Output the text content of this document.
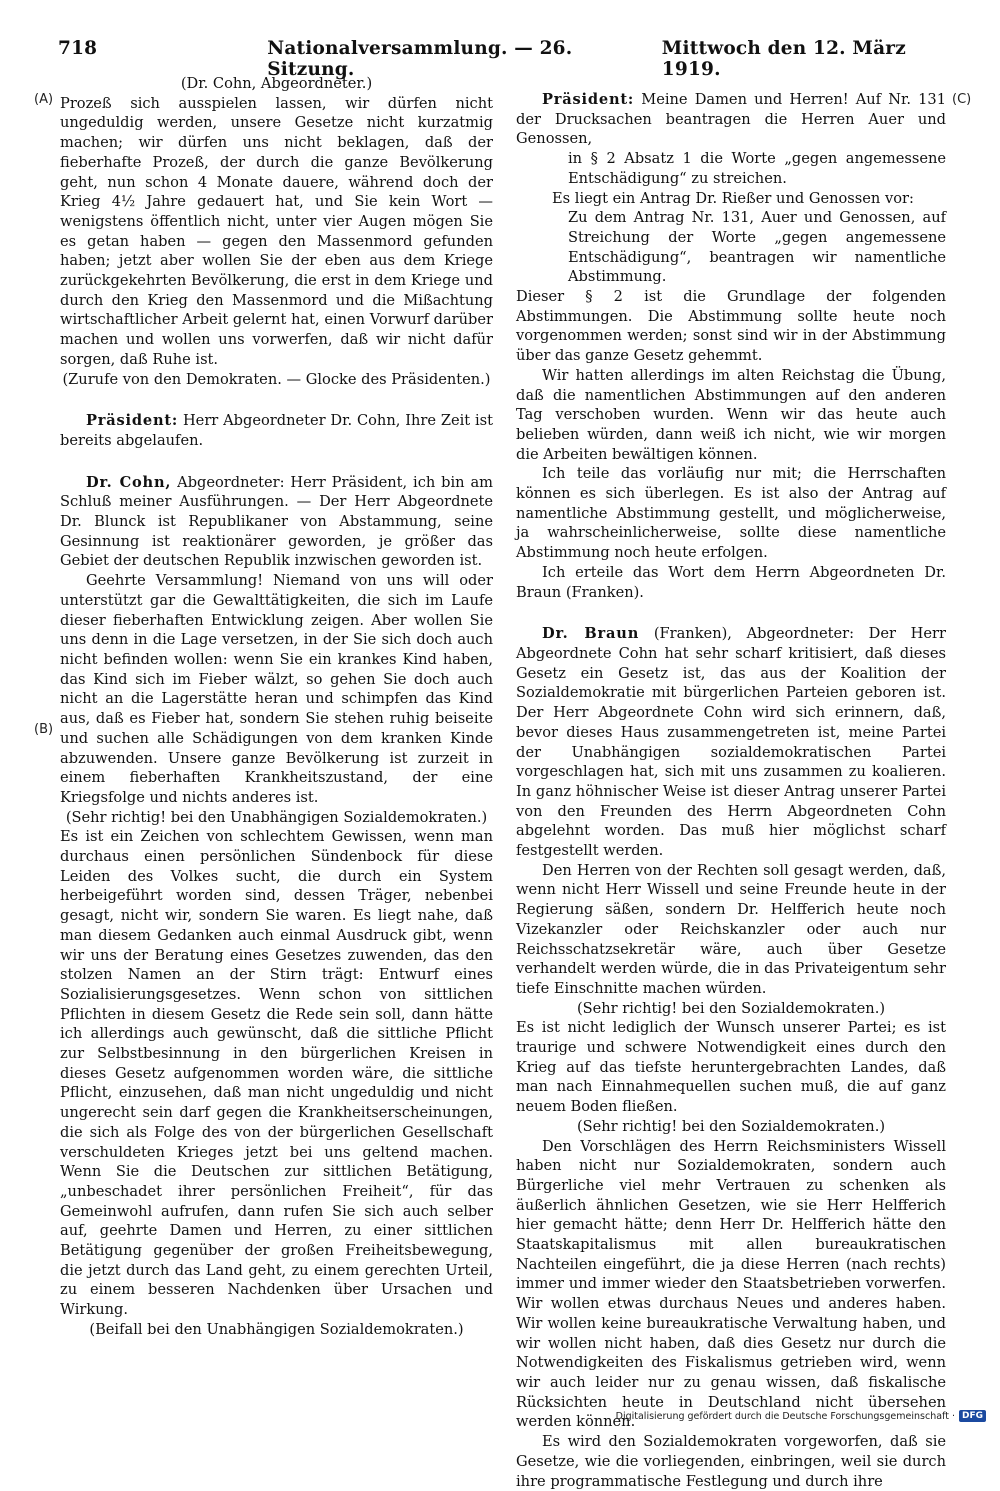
718	Nationalversammlung. — 26. Sitzung.
Mittwoch den 12. März 1919.
(A)
(B)
(C)

(Dr. Cohn, Abgeordneter.)

Prozeß sich ausspielen lassen, wir dürfen nicht ungeduldig werden, unsere Gesetze nicht kurzatmig machen; wir dürfen uns nicht beklagen, daß der fieberhafte Prozeß, der durch die ganze Bevölkerung geht, nun schon 4 Monate dauere, während doch der Krieg 4½ Jahre gedauert hat, und Sie kein Wort — wenigstens öffentlich nicht, unter vier Augen mögen Sie es getan haben — gegen den Massenmord gefunden haben; jetzt aber wollen Sie der eben aus dem Kriege zurückgekehrten Bevölkerung, die erst in dem Kriege und durch den Krieg den Massenmord und die Mißachtung wirtschaftlicher Arbeit gelernt hat, einen Vorwurf darüber machen und wollen uns vorwerfen, daß wir nicht dafür sorgen, daß Ruhe ist.

(Zurufe von den Demokraten. — Glocke des Präsidenten.)

Präsident: Herr Abgeordneter Dr. Cohn, Ihre Zeit ist bereits abgelaufen.

Dr. Cohn, Abgeordneter: Herr Präsident, ich bin am Schluß meiner Ausführungen. — Der Herr Abgeordnete Dr. Blunck ist Republikaner von Abstammung, seine Gesinnung ist reaktionärer geworden, je größer das Gebiet der deutschen Republik inzwischen geworden ist.

Geehrte Versammlung! Niemand von uns will oder unterstützt gar die Gewalttätigkeiten, die sich im Laufe dieser fieberhaften Entwicklung zeigen. Aber wollen Sie uns denn in die Lage versetzen, in der Sie sich doch auch nicht befinden wollen: wenn Sie ein krankes Kind haben, das Kind sich im Fieber wälzt, so gehen Sie doch auch nicht an die Lagerstätte heran und schimpfen das Kind aus, daß es Fieber hat, sondern Sie stehen ruhig beiseite und suchen alle Schädigungen von dem kranken Kinde abzuwenden. Unsere ganze Bevölkerung ist zurzeit in einem fieberhaften Krankheitszustand, der eine Kriegsfolge und nichts anderes ist.

(Sehr richtig! bei den Unabhängigen Sozialdemokraten.)

Es ist ein Zeichen von schlechtem Gewissen, wenn man durchaus einen persönlichen Sündenbock für diese Leiden des Volkes sucht, die durch ein System herbeigeführt worden sind, dessen Träger, nebenbei gesagt, nicht wir, sondern Sie waren. Es liegt nahe, daß man diesem Gedanken auch einmal Ausdruck gibt, wenn wir uns der Beratung eines Gesetzes zuwenden, das den stolzen Namen an der Stirn trägt: Entwurf eines Sozialisierungsgesetzes. Wenn schon von sittlichen Pflichten in diesem Gesetz die Rede sein soll, dann hätte ich allerdings auch gewünscht, daß die sittliche Pflicht zur Selbstbesinnung in den bürgerlichen Kreisen in dieses Gesetz aufgenommen worden wäre, die sittliche Pflicht, einzusehen, daß man nicht ungeduldig und nicht ungerecht sein darf gegen die Krankheitserscheinungen, die sich als Folge des von der bürgerlichen Gesellschaft verschuldeten Krieges jetzt bei uns geltend machen. Wenn Sie die Deutschen zur sittlichen Betätigung, „unbeschadet ihrer persönlichen Freiheit“, für das Gemeinwohl aufrufen, dann rufen Sie sich auch selber auf, geehrte Damen und Herren, zu einer sittlichen Betätigung gegenüber der großen Freiheitsbewegung, die jetzt durch das Land geht, zu einem gerechten Urteil, zu einem besseren Nachdenken über Ursachen und Wirkung.

(Beifall bei den Unabhängigen Sozialdemokraten.)

Präsident: Meine Damen und Herren! Auf Nr. 131 der Drucksachen beantragen die Herren Auer und Genossen,

in § 2 Absatz 1 die Worte „gegen angemessene Entschädigung“ zu streichen.

Es liegt ein Antrag Dr. Rießer und Genossen vor:

Zu dem Antrag Nr. 131, Auer und Genossen, auf Streichung der Worte „gegen angemessene Entschädigung“, beantragen wir namentliche Abstimmung.

Dieser § 2 ist die Grundlage der folgenden Abstimmungen. Die Abstimmung sollte heute noch vorgenommen werden; sonst sind wir in der Abstimmung über das ganze Gesetz gehemmt.

Wir hatten allerdings im alten Reichstag die Übung, daß die namentlichen Abstimmungen auf den anderen Tag verschoben wurden. Wenn wir das heute auch belieben würden, dann weiß ich nicht, wie wir morgen die Arbeiten bewältigen können.

Ich teile das vorläufig nur mit; die Herrschaften können es sich überlegen. Es ist also der Antrag auf namentliche Abstimmung gestellt, und möglicherweise, ja wahrscheinlicherweise, sollte diese namentliche Abstimmung noch heute erfolgen.

Ich erteile das Wort dem Herrn Abgeordneten Dr. Braun (Franken).

Dr. Braun (Franken), Abgeordneter: Der Herr Abgeordnete Cohn hat sehr scharf kritisiert, daß dieses Gesetz ein Gesetz ist, das aus der Koalition der Sozialdemokratie mit bürgerlichen Parteien geboren ist. Der Herr Abgeordnete Cohn wird sich erinnern, daß, bevor dieses Haus zusammengetreten ist, meine Partei der Unabhängigen sozialdemokratischen Partei vorgeschlagen hat, sich mit uns zusammen zu koalieren. In ganz höhnischer Weise ist dieser Antrag unserer Partei von den Freunden des Herrn Abgeordneten Cohn abgelehnt worden. Das muß hier möglichst scharf festgestellt werden.

Den Herren von der Rechten soll gesagt werden, daß, wenn nicht Herr Wissell und seine Freunde heute in der Regierung säßen, sondern Dr. Helfferich heute noch Vizekanzler oder Reichskanzler oder auch nur Reichsschatzsekretär wäre, auch über Gesetze verhandelt werden würde, die in das Privateigentum sehr tiefe Einschnitte machen würden.

(Sehr richtig! bei den Sozialdemokraten.)

Es ist nicht lediglich der Wunsch unserer Partei; es ist traurige und schwere Notwendigkeit eines durch den Krieg auf das tiefste heruntergebrachten Landes, daß man nach Einnahmequellen suchen muß, die auf ganz neuem Boden fließen.

(Sehr richtig! bei den Sozialdemokraten.)

Den Vorschlägen des Herrn Reichsministers Wissell haben nicht nur Sozialdemokraten, sondern auch Bürgerliche viel mehr Vertrauen zu schenken als äußerlich ähnlichen Gesetzen, wie sie Herr Helfferich hier gemacht hätte; denn Herr Dr. Helfferich hätte den Staatskapitalismus mit allen bureaukratischen Nachteilen eingeführt, die ja diese Herren (nach rechts) immer und immer wieder den Staatsbetrieben vorwerfen. Wir wollen etwas durchaus Neues und anderes haben. Wir wollen keine bureaukratische Verwaltung haben, und wir wollen nicht haben, daß dies Gesetz nur durch die Notwendigkeiten des Fiskalismus getrieben wird, wenn wir auch leider nur zu genau wissen, daß fiskalische Rücksichten heute in Deutschland nicht übersehen werden können.

Es wird den Sozialdemokraten vorgeworfen, daß sie Gesetze, wie die vorliegenden, einbringen, weil sie durch ihre programmatische Festlegung und durch ihre

Digitalisierung gefördert durch die Deutsche Forschungsgemeinschaft · DFG
